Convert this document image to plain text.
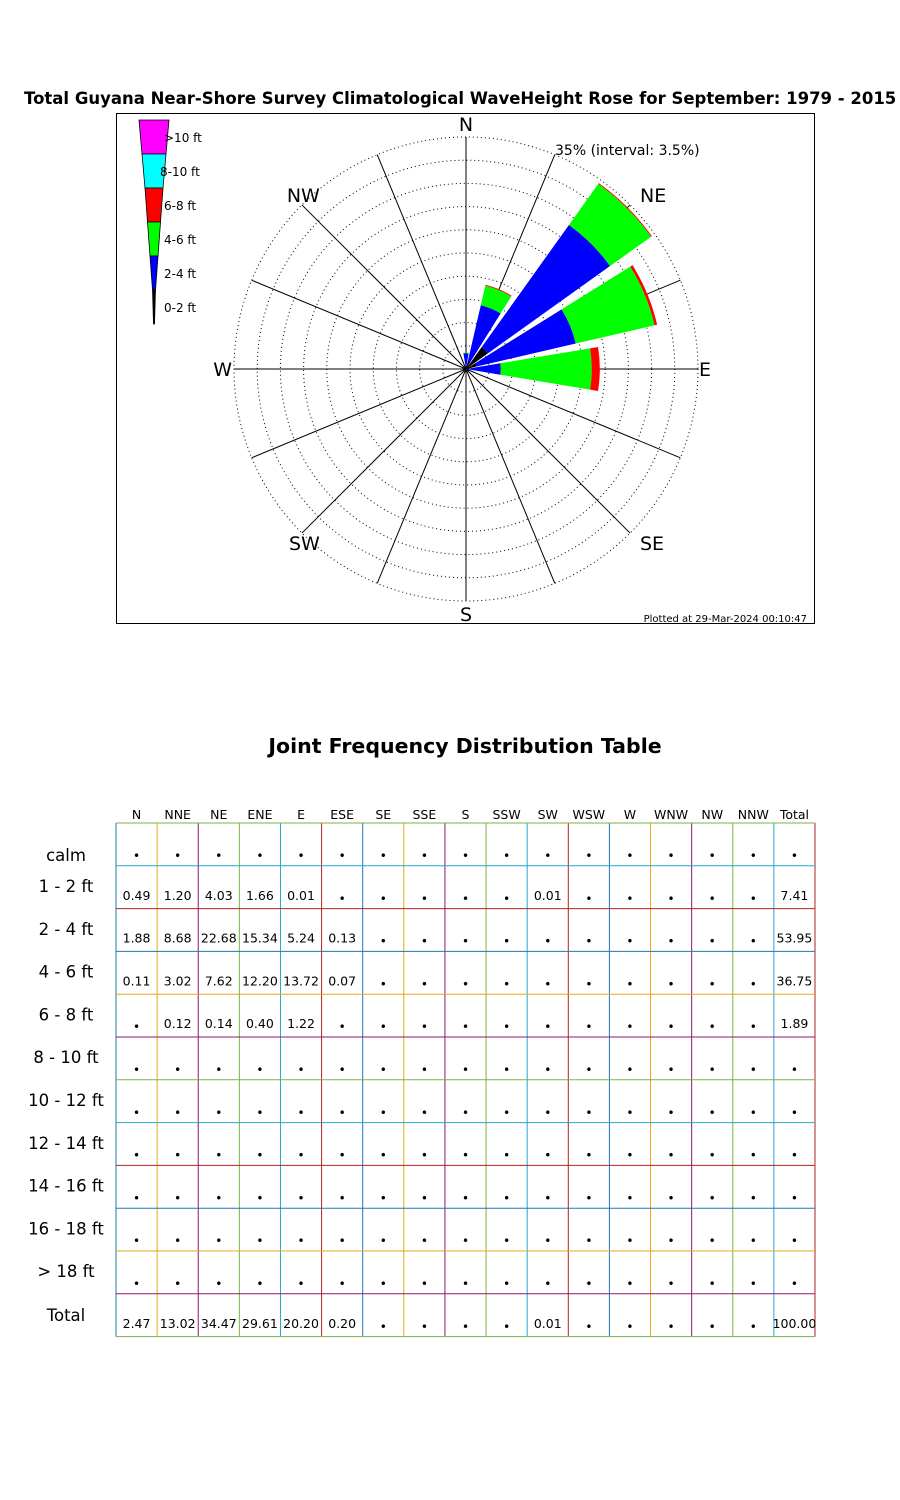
Total Guyana Near-Shore Survey Climatological WaveHeight Rose for September: 1979 - 2015
N
NE
E
SE
S
SW
W
NW
35% (interval: 3.5%)
Plotted at 29-Mar-2024 00:10:47
>10 ft
8-10 ft
6-8 ft
4-6 ft
2-4 ft
0-2 ft
Joint Frequency Distribution Table
N NNE NE ENE E ESE SE SSE S SSW SW WSW W WNW NW NNW Total
calm	•	•	•	•	•	•	•	•	•	•	•	•	•	•	•	•	•
1 - 2 ft 0.49 1.20 4.03 1.66 0.01 •	•	•	•	• 0.01 •	•	•	•	• 7.41
2 - 4 ft 1.88 8.68 22.68 15.34 5.24 0.13 •	•	•	•	•	•	•	•	•	• 53.95
4 - 6 ft 0.11 3.02 7.62 12.20 13.72 0.07 •	•	•	•	•	•	•	•	•	• 36.75
6 - 8 ft
• 0.12 0.14 0.40 1.22 •	•	•	•	•	•	•	•	•	•	• 1.89
8 - 10 ft
•	•	•	•	•	•	•	•	•	•	•	•	•	•	•	•	•
10 - 12 ft
•	•	•	•	•	•	•	•	•	•	•	•	•	•	•	•	•
12 - 14 ft
•	•	•	•	•	•	•	•	•	•	•	•	•	•	•	•	•
14 - 16 ft
•	•	•	•	•	•	•	•	•	•	•	•	•	•	•	•	•
16 - 18 ft
•	•	•	•	•	•	•	•	•	•	•	•	•	•	•	•	•
> 18 ft
•	•	•	•	•	•	•	•	•	•	•	•	•	•	•	•	•
Total	2.47 13.02 34.47 29.61 20.20 0.20 •	•	•	• 0.01 •	•	•	•	• 100.00
